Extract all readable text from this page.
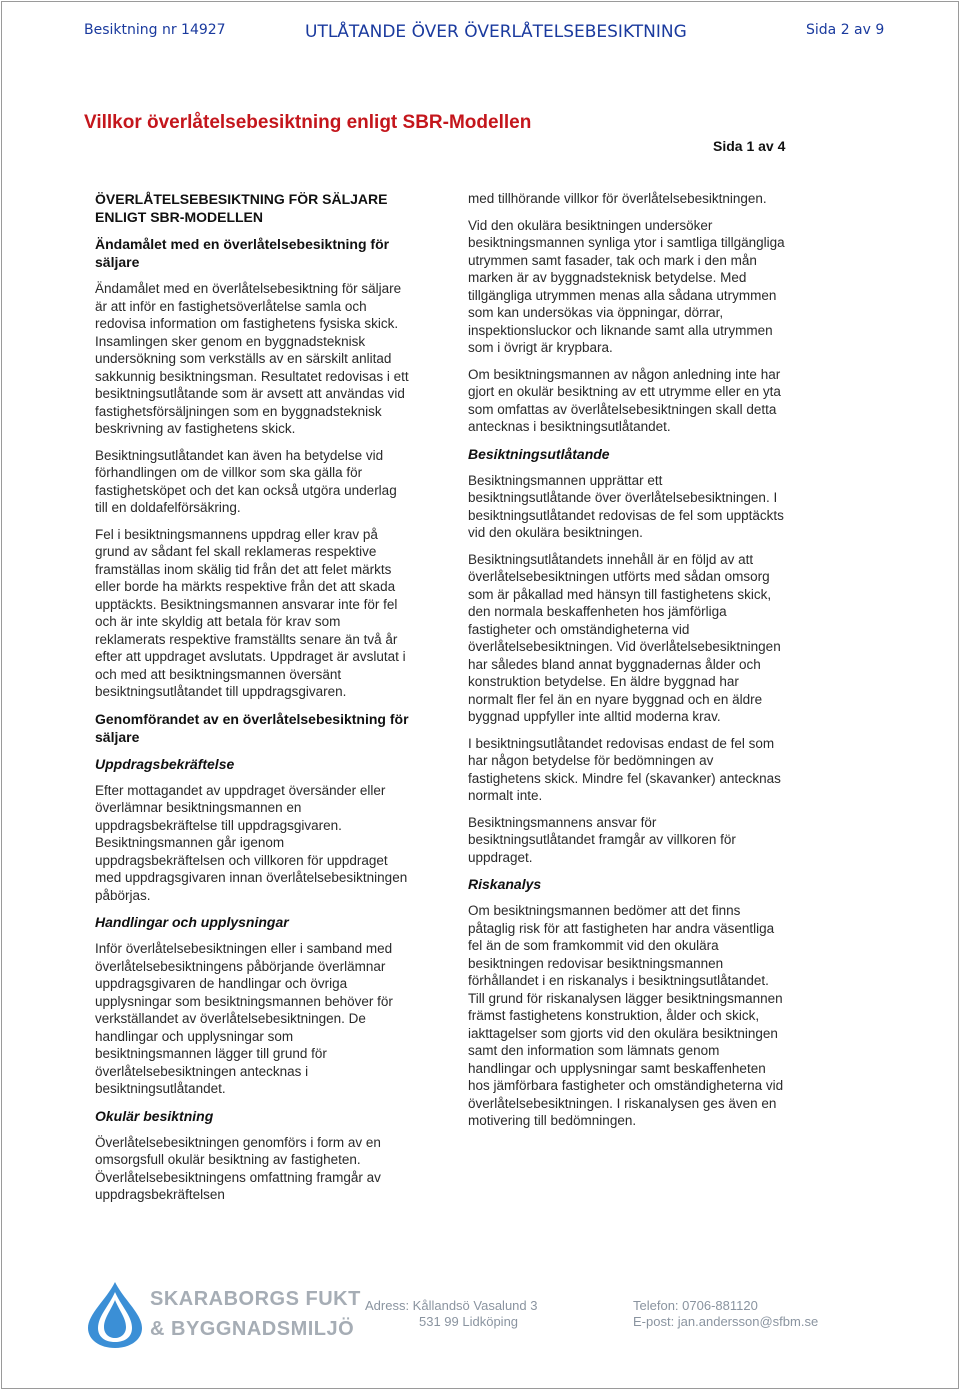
Besiktning nr 14927	UTLÅTANDE ÖVER ÖVERLÅTELSEBESIKTNING	Sida 2 av 9
Villkor överlåtelsebesiktning enligt SBR-Modellen
Sida 1 av 4
ÖVERLÅTELSEBESIKTNING FÖR SÄLJARE
ENLIGT SBR-MODELLEN
Ändamålet med en överlåtelsebesiktning för säljare

Ändamålet med en överlåtelsebesiktning för säljare är att inför en fastighetsöverlåtelse samla och redovisa information om fastighetens fysiska skick. Insamlingen sker genom en byggnadsteknisk undersökning som verkställs av en särskilt anlitad sakkunnig besiktningsman. Resultatet redovisas i ett besiktningsutlåtande som är avsett att användas vid fastighetsförsäljningen som en byggnadsteknisk beskrivning av fastighetens skick.

Besiktningsutlåtandet kan även ha betydelse vid förhandlingen om de villkor som ska gälla för fastighetsköpet och det kan också utgöra underlag till en doldafelförsäkring.

Fel i besiktningsmannens uppdrag eller krav på grund av sådant fel skall reklameras respektive framställas inom skälig tid från det att felet märkts eller borde ha märkts respektive från det att skada upptäckts. Besiktningsmannen ansvarar inte för fel och är inte skyldig att betala för krav som reklamerats respektive framställts senare än två år efter att uppdraget avslutats. Uppdraget är avslutat i och med att besiktningsmannen översänt besiktningsutlåtandet till uppdragsgivaren.

Genomförandet av en överlåtelsebesiktning för säljare
Uppdragsbekräftelse

Efter mottagandet av uppdraget översänder eller överlämnar besiktningsmannen en uppdragsbekräftelse till uppdragsgivaren. Besiktningsmannen går igenom uppdragsbekräftelsen och villkoren för uppdraget med uppdragsgivaren innan överlåtelsebesiktningen påbörjas.

Handlingar och upplysningar

Inför överlåtelsebesiktningen eller i samband med överlåtelsebesiktningens påbörjande överlämnar uppdragsgivaren de handlingar och övriga upplysningar som besiktningsmannen behöver för verkställandet av överlåtelsebesiktningen. De handlingar och upplysningar som besiktningsmannen lägger till grund för överlåtelsebesiktningen antecknas i besiktningsutlåtandet.

Okulär besiktning

Överlåtelsebesiktningen genomförs i form av en omsorgsfull okulär besiktning av fastigheten. Överlåtelsebesiktningens omfattning framgår av uppdragsbekräftelsen

med tillhörande villkor för överlåtelsebesiktningen.

Vid den okulära besiktningen undersöker besiktningsmannen synliga ytor i samtliga tillgängliga utrymmen samt fasader, tak och mark i den mån marken är av byggnadsteknisk betydelse. Med tillgängliga utrymmen menas alla sådana utrymmen som kan undersökas via öppningar, dörrar, inspektionsluckor och liknande samt alla utrymmen som i övrigt är krypbara.

Om besiktningsmannen av någon anledning inte har gjort en okulär besiktning av ett utrymme eller en yta som omfattas av överlåtelsebesiktningen skall detta antecknas i besiktningsutlåtandet.

Besiktningsutlåtande

Besiktningsmannen upprättar ett besiktningsutlåtande över överlåtelsebesiktningen. I besiktningsutlåtandet redovisas de fel som upptäckts vid den okulära besiktningen.

Besiktningsutlåtandets innehåll är en följd av att överlåtelsebesiktningen utförts med sådan omsorg som är påkallad med hänsyn till fastighetens skick, den normala beskaffenheten hos jämförliga fastigheter och omständigheterna vid överlåtelsebesiktningen. Vid överlåtelsebesiktningen har således bland annat byggnadernas ålder och konstruktion betydelse. En äldre byggnad har normalt fler fel än en nyare byggnad och en äldre byggnad uppfyller inte alltid moderna krav.

I besiktningsutlåtandet redovisas endast de fel som har någon betydelse för bedömningen av fastighetens skick. Mindre fel (skavanker) antecknas normalt inte.

Besiktningsmannens ansvar för besiktningsutlåtandet framgår av villkoren för uppdraget.

Riskanalys

Om besiktningsmannen bedömer att det finns påtaglig risk för att fastigheten har andra väsentliga fel än de som framkommit vid den okulära besiktningen redovisar besiktningsmannen förhållandet i en riskanalys i besiktningsutlåtandet. Till grund för riskanalysen lägger besiktningsmannen främst fastighetens konstruktion, ålder och skick, iakttagelser som gjorts vid den okulära besiktningen samt den information som lämnats genom handlingar och upplysningar samt beskaffenheten hos jämförbara fastigheter och omständigheterna vid överlåtelsebesiktningen. I riskanalysen ges även en motivering till bedömningen.

SKARABORGS FUKT
& BYGGNADSMILJÖ
Adress: Kållandsö Vasalund 3
531 99 Lidköping
Telefon: 0706-881120
E-post: jan.andersson@sfbm.se
